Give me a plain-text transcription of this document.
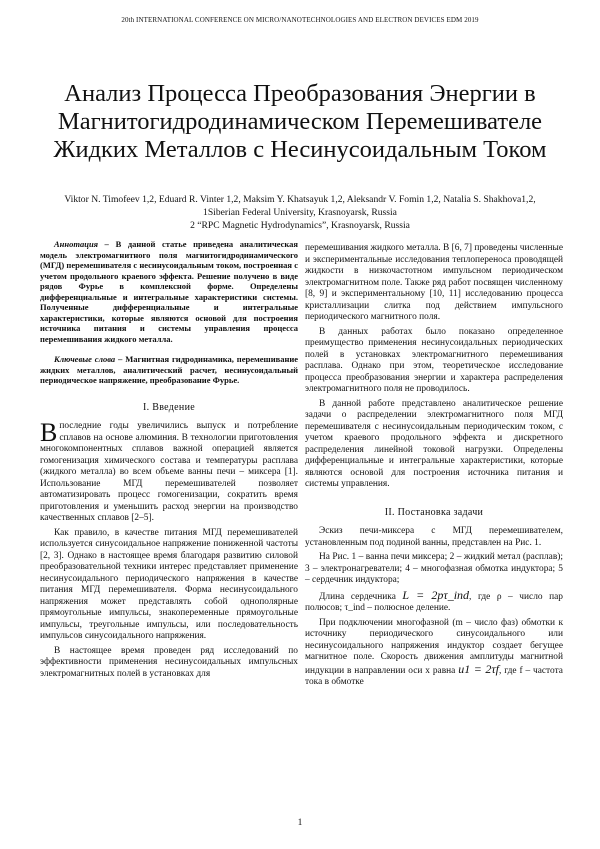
20th INTERNATIONAL CONFERENCE ON MICRO/NANOTECHNOLOGIES AND ELECTRON DEVICES EDM 2019
Анализ Процесса Преобразования Энергии в Магнитогидродинамическом Перемешивателе Жидких Металлов с Несинусоидальным Током
Viktor N. Timofeev 1,2, Eduard R. Vinter 1,2, Maksim Y. Khatsayuk 1,2, Aleksandr V. Fomin 1,2, Natalia S. Shakhova1,2,
1Siberian Federal University, Krasnoyarsk, Russia
2 “RPC Magnetic Hydrodynamics”, Krasnoyarsk, Russia

Аннотация – В данной статье приведена аналитическая модель электромагнитного поля магнитогидродинамического (МГД) перемешивателя с несинусоидальным током, построенная с учетом продольного краевого эффекта. Решение получено в виде рядов Фурье в комплексной форме. Определены дифференциальные и интегральные характеристики системы. Полученные дифференциальные и интегральные характеристики, которые являются основой для построения источника питания и системы управления процесса перемешивания жидкого металла.

Ключевые слова – Магнитная гидродинамика, перемешивание жидких металлов, аналитический расчет, несинусоидальный периодическое напряжение, преобразование Фурье.

I. Введение

Впоследние годы увеличились выпуск и потребление сплавов на основе алюминия. В технологии приготовления многокомпонентных сплавов важной операцией является гомогенизация химического состава и температуры расплава (жидкого металла) во всем объеме ванны печи – миксера [1]. Использование МГД перемешивателей позволяет автоматизировать процесс гомогенизации, сократить время приготовления и уменьшить расход энергии на производство качественных сплавов [2–5].

Как правило, в качестве питания МГД перемешивателей используется синусоидальное напряжение пониженной частоты [2, 3]. Однако в настоящее время благодаря развитию силовой преобразовательной техники интерес представляет применение несинусоидального периодического напряжения в качестве питания МГД перемешивателя. Форма несинусоидального напряжения может представлять собой однополярные прямоугольные импульсы, знакопеременные прямоугольные импульсы, треугольные импульсы, или последовательность импульсов синусоидального напряжения.

В настоящее время проведен ряд исследований по эффективности применения несинусоидальных импульсных электромагнитных полей в установках для

перемешивания жидкого металла. В [6, 7] проведены численные и экспериментальные исследования теплопереноса проводящей жидкости в низкочастотном импульсном периодическом электромагнитном поле. Также ряд работ посвящен численному [8, 9] и экспериментальному [10, 11] исследованию процесса кристаллизации слитка под действием импульсного периодического магнитного поля.

В данных работах было показано определенное преимущество применения несинусоидальных периодических полей в установках электромагнитного перемешивания расплава. Однако при этом, теоретическое исследование процесса преобразования энергии и характера распределения электромагнитного поля не проводилось.

В данной работе представлено аналитическое решение задачи о распределении электромагнитного поля МГД перемешивателя с несинусоидальным периодическим током, с учетом краевого продольного эффекта и дискретного распределения линейной токовой нагрузки. Определены дифференциальные и интегральные характеристики, которые являются основой для построения источника питания и системы управления.

II. Постановка задачи

Эскиз печи-миксера с МГД перемешивателем, установленным под подиной ванны, представлен на Рис. 1.

На Рис. 1 – ванна печи миксера; 2 – жидкий метал (расплав); 3 – электронагреватели; 4 – многофазная обмотка индуктора; 5 – сердечник индуктора;

Длина сердечника L = 2pτ_ind, где ρ – число пар полюсов; τ_ind – полюсное деление.

При подключении многофазной (m – число фаз) обмотки к источнику периодического синусоидального или несинусоидального напряжения индуктор создает бегущее магнитное поле. Скорость движения амплитуды магнитной индукции в направлении оси x равна u1 = 2τf, где f – частота тока в обмотке

1
